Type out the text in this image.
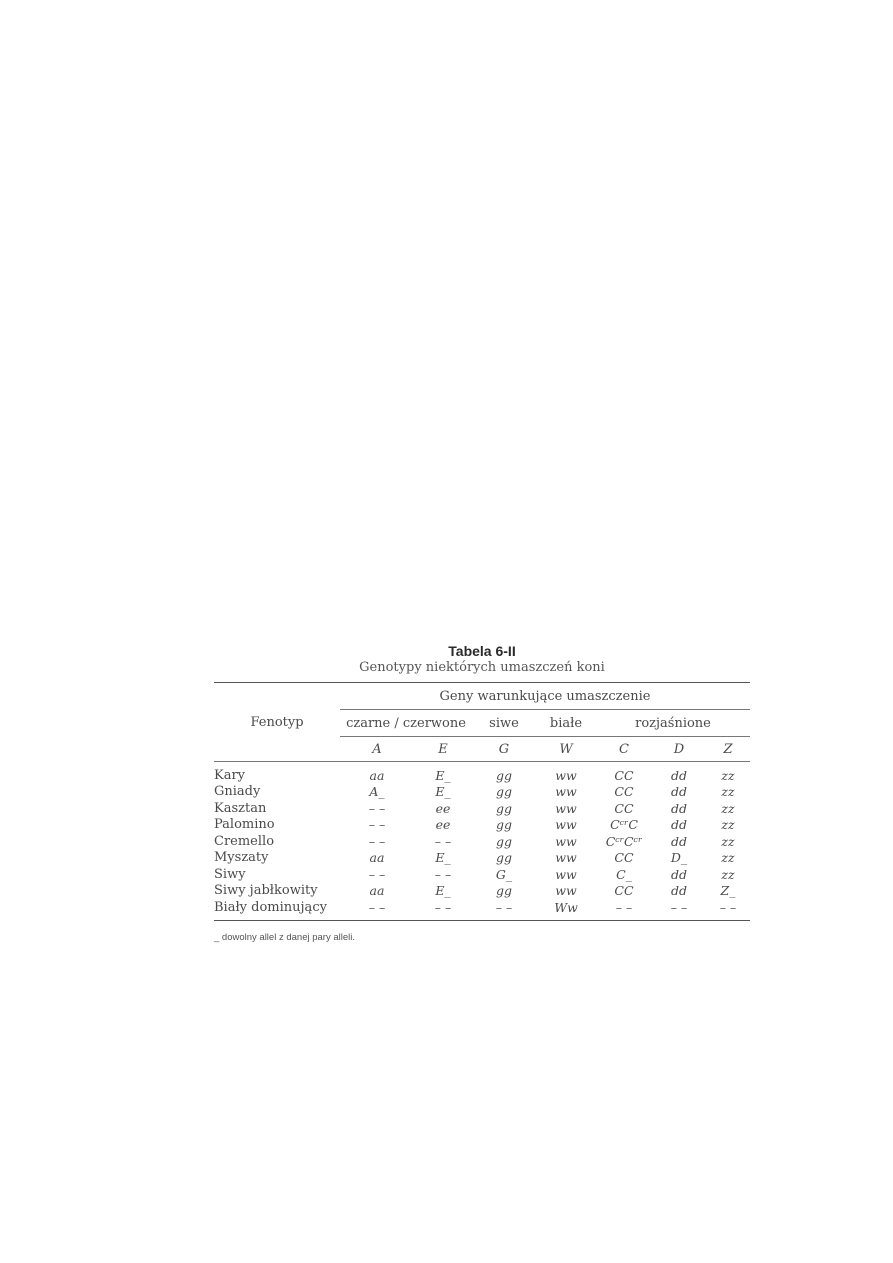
Tabela 6-II
Genotypy niektórych umaszczeń koni
Fenotyp	Geny warunkujące umaszczenie						
	czarne / czerwone		siwe	białe	rozjaśnione		
	A	E	G	W	C	D	Z
Kary	aa	E_	gg	ww	CC	dd	zz
Gniady	A_	E_	gg	ww	CC	dd	zz
Kasztan	– –	ee	gg	ww	CC	dd	zz
Palomino	– –	ee	gg	ww	CᶜʳC	dd	zz
Cremello	– –	– –	gg	ww	CᶜʳCᶜʳ	dd	zz
Myszaty	aa	E_	gg	ww	CC	D_	zz
Siwy	– –	– –	G_	ww	C_	dd	zz
Siwy jabłkowity	aa	E_	gg	ww	CC	dd	Z_
Biały dominujący	– –	– –	– –	Ww	– –	– –	– –
_ dowolny allel z danej pary alleli.
